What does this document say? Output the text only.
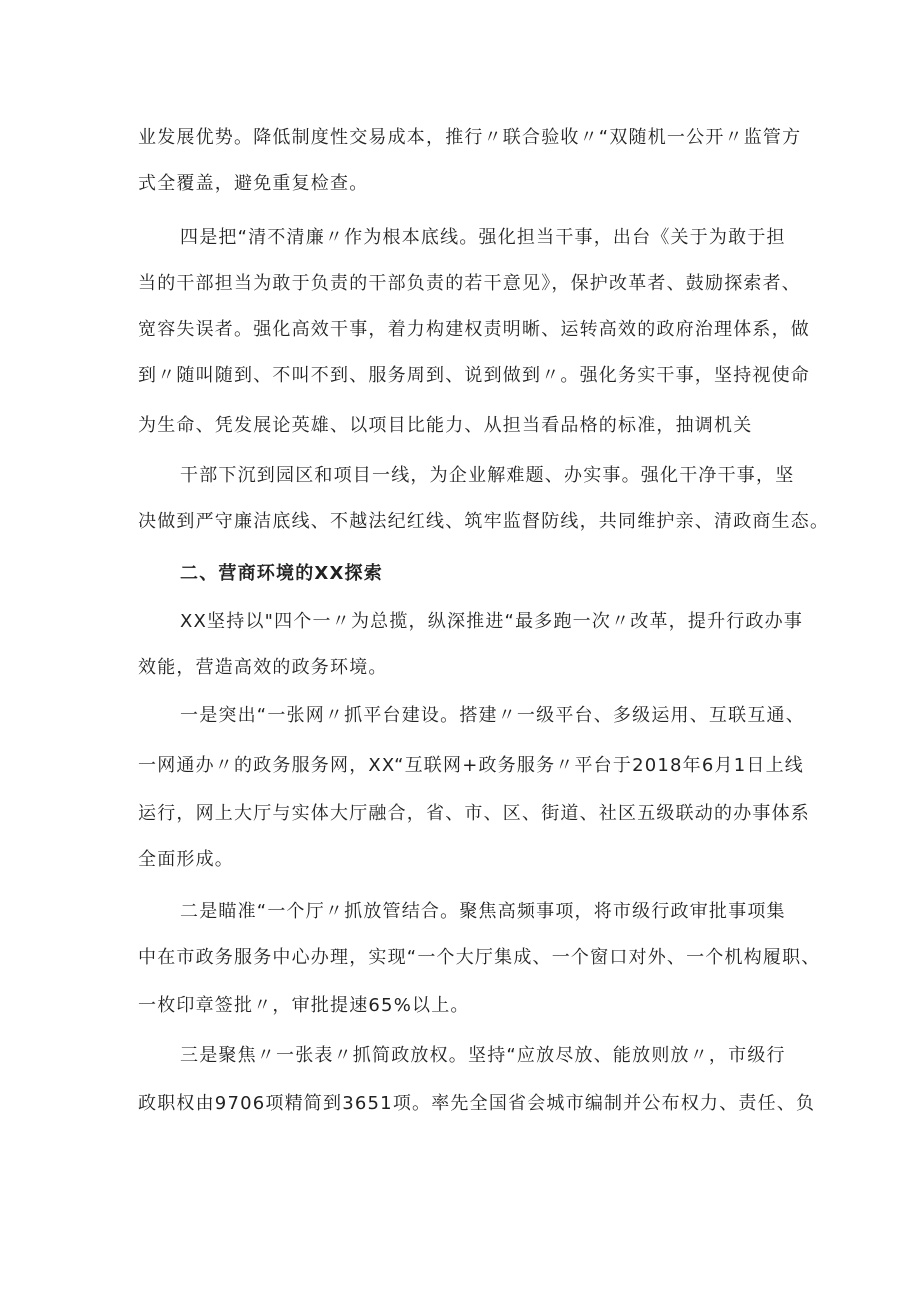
业发展优势。降低制度性交易成本，推行〃联合验收〃“双随机一公开〃监管方
式全覆盖，避免重复检查。
四是把“清不清廉〃作为根本底线。强化担当干事，出台《关于为敢于担
当的干部担当为敢于负责的干部负责的若干意见》，保护改革者、鼓励探索者、
宽容失误者。强化高效干事，着力构建权责明晰、运转高效的政府治理体系，做
到〃随叫随到、不叫不到、服务周到、说到做到〃。强化务实干事，坚持视使命
为生命、凭发展论英雄、以项目比能力、从担当看品格的标准，抽调机关
干部下沉到园区和项目一线，为企业解难题、办实事。强化干净干事，坚
决做到严守廉洁底线、不越法纪红线、筑牢监督防线，共同维护亲、清政商生态。
二、营商环境的XX探索
XX坚持以"四个一〃为总揽，纵深推进“最多跑一次〃改革，提升行政办事
效能，营造高效的政务环境。
一是突出“一张网〃抓平台建设。搭建〃一级平台、多级运用、互联互通、
一网通办〃的政务服务网，XX“互联网+政务服务〃平台于2018年6月1日上线
运行，网上大厅与实体大厅融合，省、市、区、街道、社区五级联动的办事体系
全面形成。
二是瞄准“一个厅〃抓放管结合。聚焦高频事项，将市级行政审批事项集
中在市政务服务中心办理，实现“一个大厅集成、一个窗口对外、一个机构履职、
一枚印章签批〃，审批提速65%以上。
三是聚焦〃一张表〃抓简政放权。坚持“应放尽放、能放则放〃，市级行
政职权由9706项精简到3651项。率先全国省会城市编制并公布权力、责任、负
